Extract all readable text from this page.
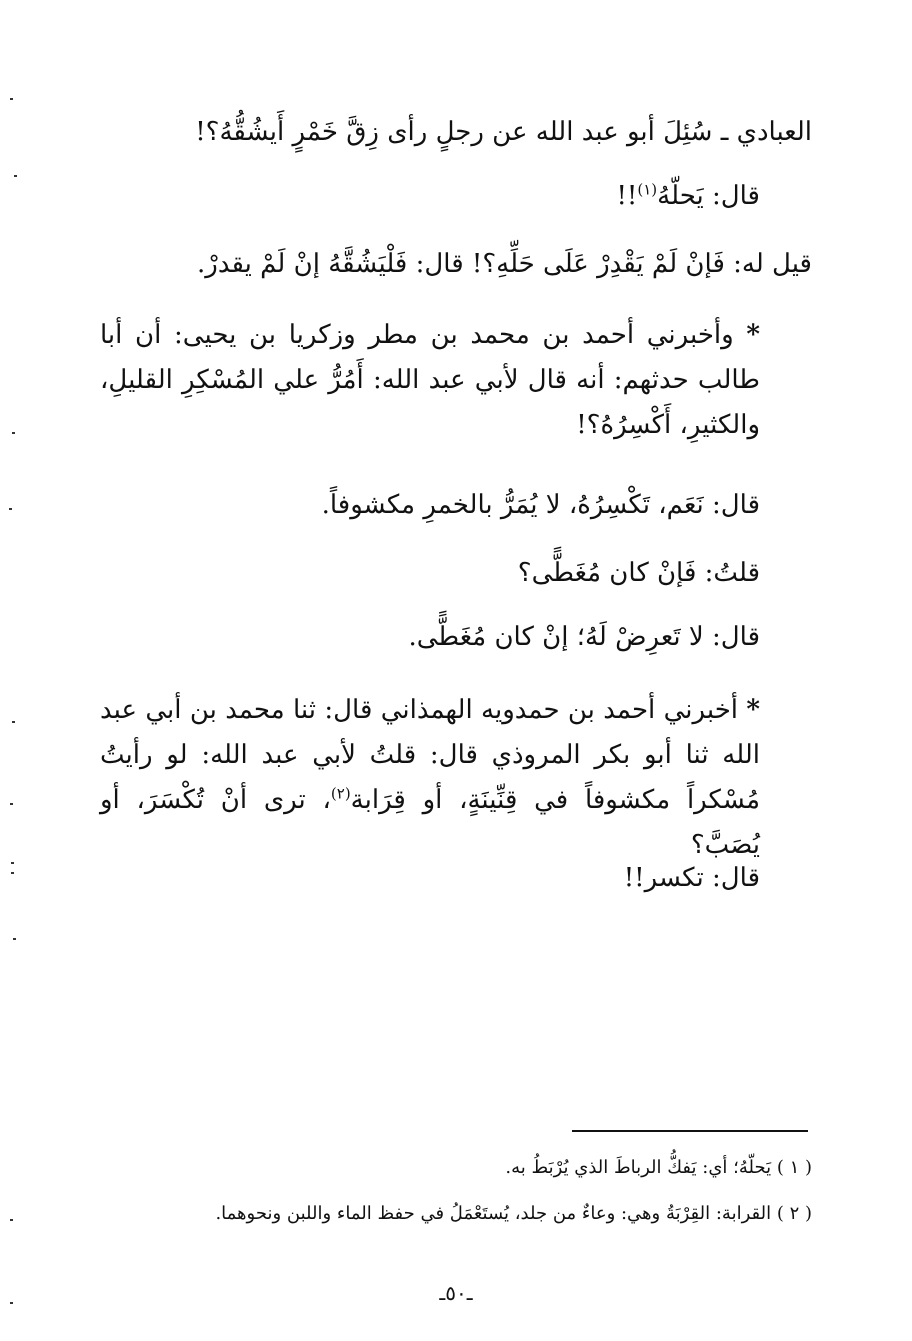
العبادي ـ سُئِلَ أبو عبد الله عن رجلٍ رأى زِقَّ خَمْرٍ أَيشُقُّهُ؟!
قال: يَحلّهُ$^{(١)}$!!
قيل له: فَإنْ لَمْ يَقْدِرْ عَلَى حَلِّهِ؟! قال: فَلْيَشُقَّهُ إنْ لَمْ يقدرْ.
* وأخبرني أحمد بن محمد بن مطر وزكريا بن يحيى: أن أبا طالب حدثهم: أنه قال لأبي عبد الله: أَمُرُّ علي المُسْكِرِ القليلِ، والكثيرِ، أَكْسِرُهُ؟!
قال: نَعَم، تَكْسِرُهُ، لا يُمَرُّ بالخمرِ مكشوفاً.
قلتُ: فَإنْ كان مُغَطًّى؟
قال: لا تَعرِضْ لَهُ؛ إنْ كان مُغَطًّى.
* أخبرني أحمد بن حمدويه الهمذاني قال: ثنا محمد بن أبي عبد الله ثنا أبو بكر المروذي قال: قلتُ لأبي عبد الله: لو رأيتُ مُسْكراً مكشوفاً في قِنِّينَةٍ، أو قِرَابة$^{(٢)}$، ترى أنْ تُكْسَرَ، أو يُصَبَّ؟
قال: تكسر!!
( ١ ) يَحلّهُ؛ أي: يَفكُّ الرباطَ الذي يُرْبَطُ به.
( ٢ ) القرابة: القِرْبَةُ وهي: وعاءٌ من جلد، يُستَعْمَلُ في حفظ الماء واللبن ونحوهما.
ـ٥٠ـ
